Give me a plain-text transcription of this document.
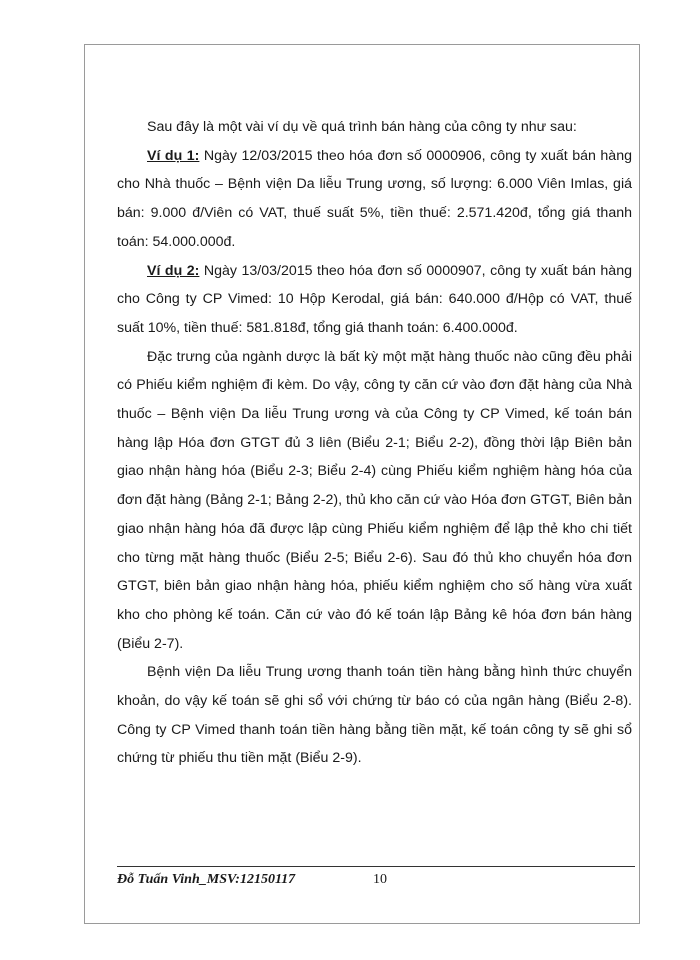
Sau đây là một vài ví dụ về quá trình bán hàng của công ty như sau:

Ví dụ 1: Ngày 12/03/2015 theo hóa đơn số 0000906, công ty xuất bán hàng cho Nhà thuốc – Bệnh viện Da liễu Trung ương, số lượng: 6.000 Viên Imlas, giá bán: 9.000 đ/Viên có VAT, thuế suất 5%, tiền thuế: 2.571.420đ, tổng giá thanh toán: 54.000.000đ.

Ví dụ 2: Ngày 13/03/2015 theo hóa đơn số 0000907, công ty xuất bán hàng cho Công ty CP Vimed: 10 Hộp Kerodal, giá bán: 640.000 đ/Hộp có VAT, thuế suất 10%, tiền thuế: 581.818đ, tổng giá thanh toán: 6.400.000đ.

Đặc trưng của ngành dược là bất kỳ một mặt hàng thuốc nào cũng đều phải có Phiếu kiểm nghiệm đi kèm. Do vậy, công ty căn cứ vào đơn đặt hàng của Nhà thuốc – Bệnh viện Da liễu Trung ương và của Công ty CP Vimed, kế toán bán hàng lập Hóa đơn GTGT đủ 3 liên (Biểu 2-1; Biểu 2-2), đồng thời lập Biên bản giao nhận hàng hóa (Biểu 2-3; Biểu 2-4) cùng Phiếu kiểm nghiệm hàng hóa của đơn đặt hàng (Bảng 2-1; Bảng 2-2), thủ kho căn cứ vào Hóa đơn GTGT, Biên bản giao nhận hàng hóa đã được lập cùng Phiếu kiểm nghiệm để lập thẻ kho chi tiết cho từng mặt hàng thuốc (Biểu 2-5; Biểu 2-6). Sau đó thủ kho chuyển hóa đơn GTGT, biên bản giao nhận hàng hóa, phiếu kiểm nghiệm cho số hàng vừa xuất kho cho phòng kế toán. Căn cứ vào đó kế toán lập Bảng kê hóa đơn bán hàng (Biểu 2-7).

Bệnh viện Da liễu Trung ương thanh toán tiền hàng bằng hình thức chuyển khoản, do vậy kế toán sẽ ghi sổ với chứng từ báo có của ngân hàng (Biểu 2-8). Công ty CP Vimed thanh toán tiền hàng bằng tiền mặt, kế toán công ty sẽ ghi sổ chứng từ phiếu thu tiền mặt (Biểu 2-9).

Đỗ Tuấn Vinh_MSV:12150117	10
